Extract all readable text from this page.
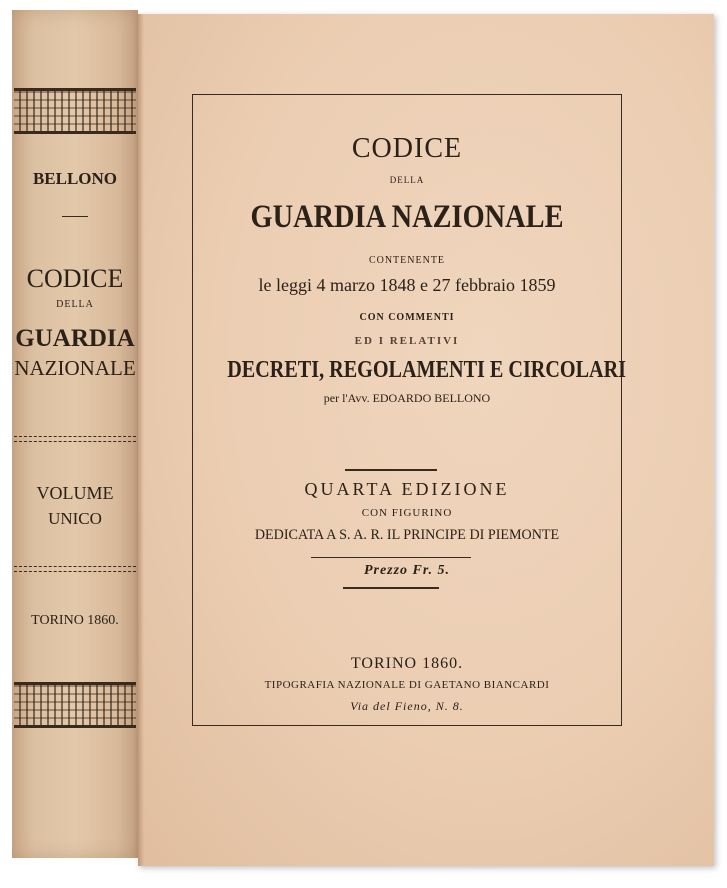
BELLONO
CODICE
DELLA
GUARDIA
NAZIONALE
VOLUME
UNICO
TORINO 1860.
CODICE
DELLA
GUARDIA NAZIONALE
CONTENENTE
le leggi 4 marzo 1848 e 27 febbraio 1859
CON COMMENTI
ED I RELATIVI
DECRETI, REGOLAMENTI E CIRCOLARI
per l'Avv. EDOARDO BELLONO
QUARTA EDIZIONE
CON FIGURINO
DEDICATA A S. A. R. IL PRINCIPE DI PIEMONTE
Prezzo Fr. 5.
TORINO 1860.
TIPOGRAFIA NAZIONALE DI GAETANO BIANCARDI
Via del Fieno, N. 8.
